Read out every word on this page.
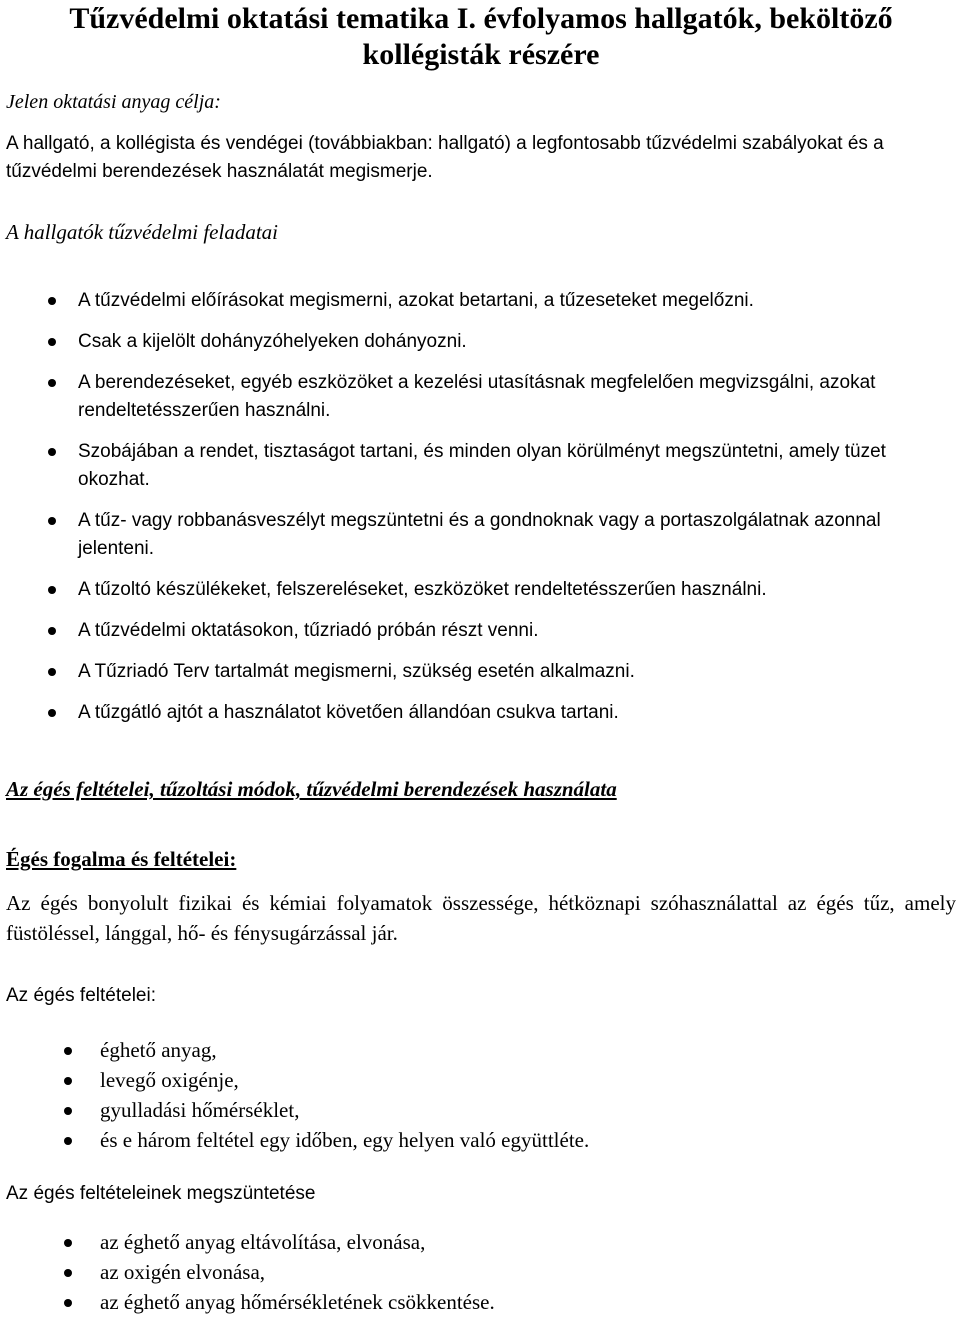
Tűzvédelmi oktatási tematika I. évfolyamos hallgatók, beköltöző
kollégisták részére

Jelen oktatási anyag célja:

A hallgató, a kollégista és vendégei (továbbiakban: hallgató) a legfontosabb tűzvédelmi szabályokat és a tűzvédelmi berendezések használatát megismerje.

A hallgatók tűzvédelmi feladatai

A tűzvédelmi előírásokat megismerni, azokat betartani, a tűzeseteket megelőzni.
Csak a kijelölt dohányzóhelyeken dohányozni.
A berendezéseket, egyéb eszközöket a kezelési utasításnak megfelelően megvizsgálni, azokat rendeltetésszerűen használni.
Szobájában a rendet, tisztaságot tartani, és minden olyan körülményt megszüntetni, amely tüzet okozhat.
A tűz- vagy robbanásveszélyt megszüntetni és a gondnoknak vagy a portaszolgálatnak azonnal jelenteni.
A tűzoltó készülékeket, felszereléseket, eszközöket rendeltetésszerűen használni.
A tűzvédelmi oktatásokon, tűzriadó próbán részt venni.
A Tűzriadó Terv tartalmát megismerni, szükség esetén alkalmazni.
A tűzgátló ajtót a használatot követően állandóan csukva tartani.

Az égés feltételei, tűzoltási módok, tűzvédelmi berendezések használata

Égés fogalma és feltételei:

Az égés bonyolult fizikai és kémiai folyamatok összessége, hétköznapi szóhasználattal az égés tűz, amely füstöléssel, lánggal, hő- és fénysugárzással jár.

Az égés feltételei:

éghető anyag,
levegő oxigénje,
gyulladási hőmérséklet,
és e három feltétel egy időben, egy helyen való együttléte.

Az égés feltételeinek megszüntetése

az éghető anyag eltávolítása, elvonása,
az oxigén elvonása,
az éghető anyag hőmérsékletének csökkentése.
